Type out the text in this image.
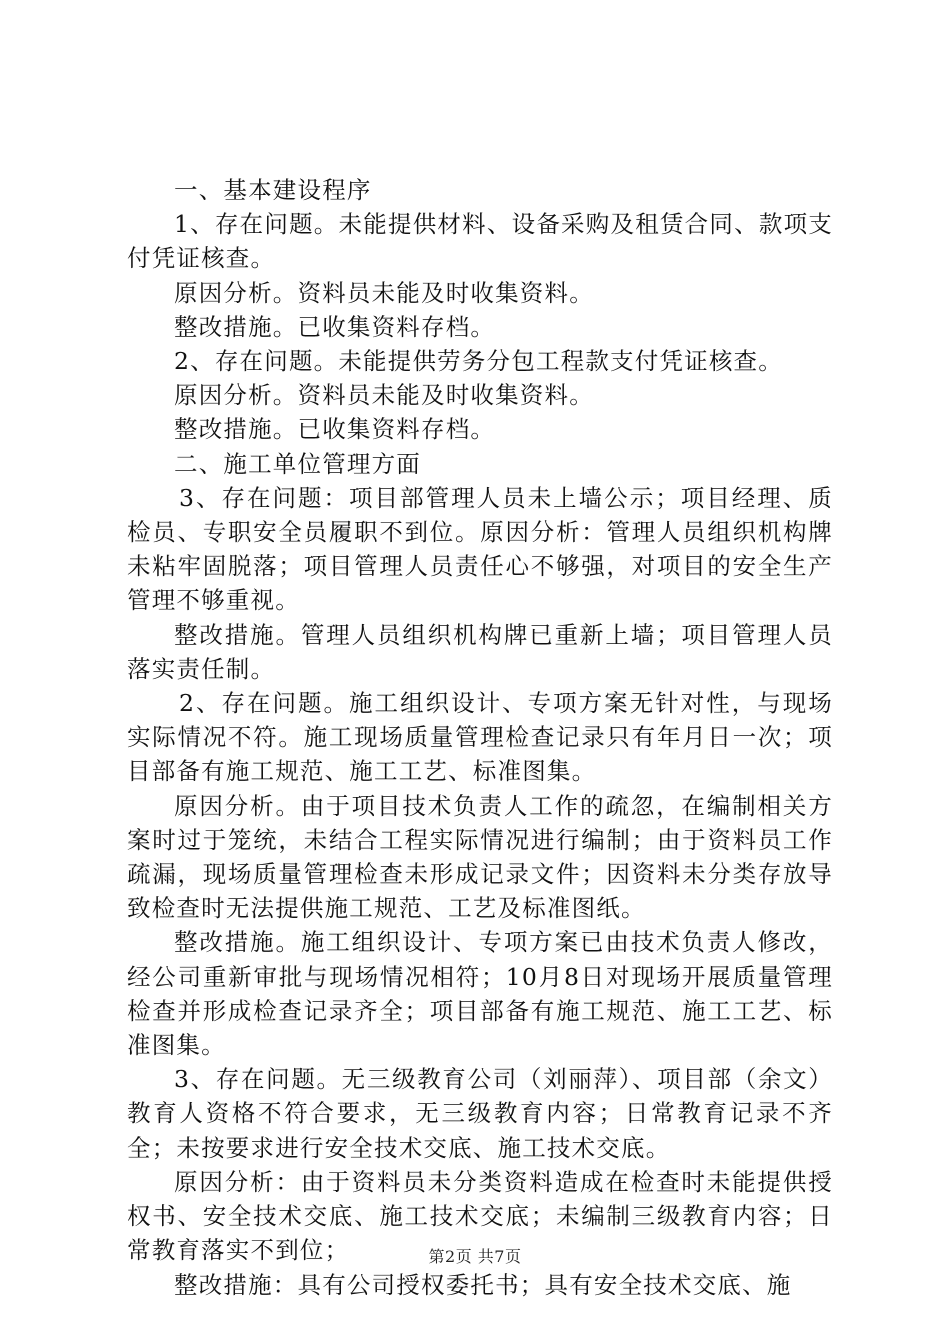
一、基本建设程序

1、存在问题。未能提供材料、设备采购及租赁合同、款项支付凭证核查。

原因分析。资料员未能及时收集资料。

整改措施。已收集资料存档。

2、存在问题。未能提供劳务分包工程款支付凭证核查。

原因分析。资料员未能及时收集资料。

整改措施。已收集资料存档。

二、施工单位管理方面

3、存在问题：项目部管理人员未上墙公示；项目经理、质检员、专职安全员履职不到位。原因分析：管理人员组织机构牌未粘牢固脱落；项目管理人员责任心不够强，对项目的安全生产管理不够重视。

整改措施。管理人员组织机构牌已重新上墙；项目管理人员落实责任制。

2、存在问题。施工组织设计、专项方案无针对性，与现场实际情况不符。施工现场质量管理检查记录只有年月日一次；项目部备有施工规范、施工工艺、标准图集。

原因分析。由于项目技术负责人工作的疏忽，在编制相关方案时过于笼统，未结合工程实际情况进行编制；由于资料员工作疏漏，现场质量管理检查未形成记录文件；因资料未分类存放导致检查时无法提供施工规范、工艺及标准图纸。

整改措施。施工组织设计、专项方案已由技术负责人修改，经公司重新审批与现场情况相符；10月8日对现场开展质量管理检查并形成检查记录齐全；项目部备有施工规范、施工工艺、标准图集。

3、存在问题。无三级教育公司（刘丽萍）、项目部（余文）教育人资格不符合要求，无三级教育内容；日常教育记录不齐全；未按要求进行安全技术交底、施工技术交底。

原因分析：由于资料员未分类资料造成在检查时未能提供授权书、安全技术交底、施工技术交底；未编制三级教育内容；日常教育落实不到位；

整改措施：具有公司授权委托书；具有安全技术交底、施

第2页 共7页
